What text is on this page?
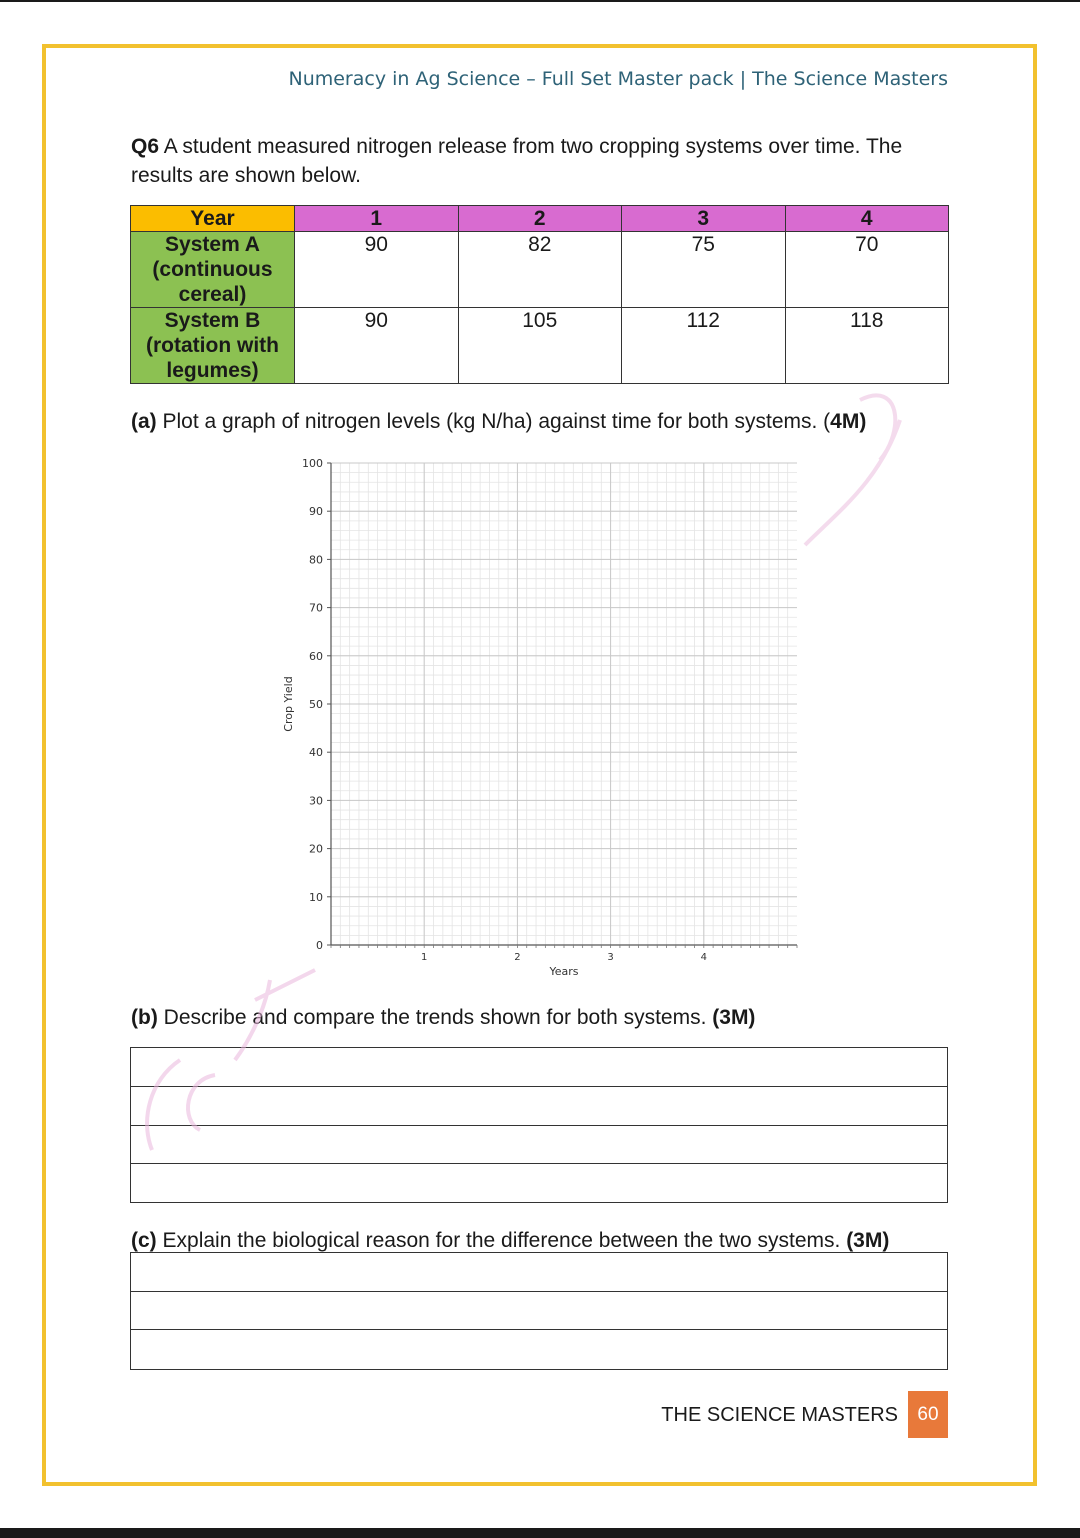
Numeracy in Ag Science – Full Set Master pack | The Science Masters
Q6 A student measured nitrogen release from two cropping systems over time. The results are shown below.
Year	1	2	3	4

System A
(continuous
cereal)	90	82	75	70

System B
(rotation with
legumes)	90	105	112	118
(a) Plot a graph of nitrogen levels (kg N/ha) against time for both systems. (4M)
0
10
20
30
40
50
60
70
80
90
100
1	2	3	4
Years
Crop Yield
(b) Describe and compare the trends shown for both systems. (3M)
(c) Explain the biological reason for the difference between the two systems. (3M)
THE SCIENCE MASTERS	60
